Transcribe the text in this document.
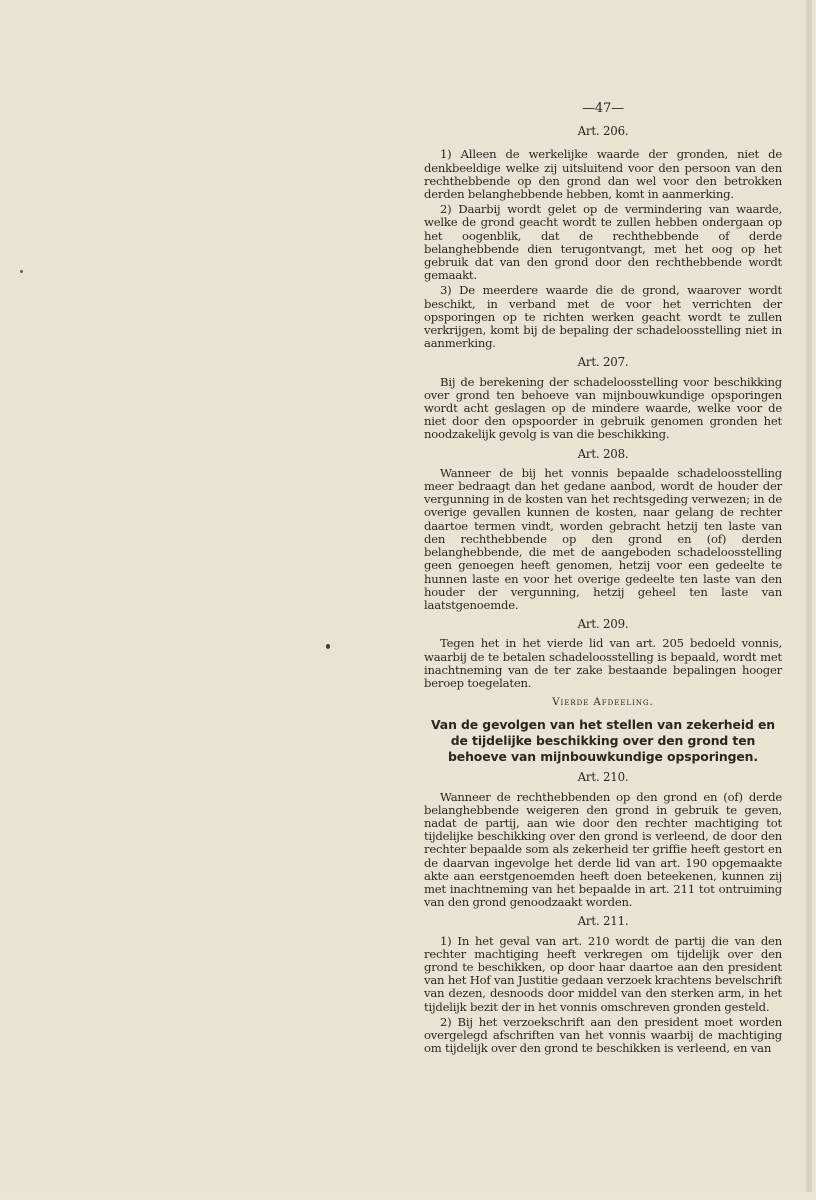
—47—
Art. 206.

1) Alleen de werkelijke waarde der gronden, niet de denkbeeldige welke zij uitsluitend voor den persoon van den rechthebbende op den grond dan wel voor den betrokken derden belanghebbende hebben, komt in aanmerking.

2) Daarbij wordt gelet op de vermindering van waarde, welke de grond geacht wordt te zullen hebben ondergaan op het oogenblik, dat de rechthebbende of derde belanghebbende dien terugontvangt, met het oog op het gebruik dat van den grond door den rechthebbende wordt gemaakt.

3) De meerdere waarde die de grond, waarover wordt beschikt, in verband met de voor het verrichten der opsporingen op te richten werken geacht wordt te zullen verkrijgen, komt bij de bepaling der schadeloosstelling niet in aanmerking.

Art. 207.

Bij de berekening der schadeloosstelling voor beschikking over grond ten behoeve van mijnbouwkundige opsporingen wordt acht geslagen op de mindere waarde, welke voor de niet door den opspoorder in gebruik genomen gronden het noodzakelijk gevolg is van die beschikking.

Art. 208.

Wanneer de bij het vonnis bepaalde schadeloosstelling meer bedraagt dan het gedane aanbod, wordt de houder der vergunning in de kosten van het rechtsgeding verwezen; in de overige gevallen kunnen de kosten, naar gelang de rechter daartoe termen vindt, worden gebracht hetzij ten laste van den rechthebbende op den grond en (of) derden belanghebbende, die met de aangeboden schadeloosstelling geen genoegen heeft genomen, hetzij voor een gedeelte te hunnen laste en voor het overige gedeelte ten laste van den houder der vergunning, hetzij geheel ten laste van laatstgenoemde.

Art. 209.

Tegen het in het vierde lid van art. 205 bedoeld vonnis, waarbij de te betalen schadeloosstelling is bepaald, wordt met inachtneming van de ter zake bestaande bepalingen hooger beroep toegelaten.

Vierde Afdeeling.
Van de gevolgen van het stellen van zekerheid en de tijdelijke beschikking over den grond ten behoeve van mijnbouwkundige opsporingen.
Art. 210.

Wanneer de rechthebbenden op den grond en (of) derde belanghebbende weigeren den grond in gebruik te geven, nadat de partij, aan wie door den rechter machtiging tot tijdelijke beschikking over den grond is verleend, de door den rechter bepaalde som als zekerheid ter griffie heeft gestort en de daarvan ingevolge het derde lid van art. 190 opgemaakte akte aan eerstgenoemden heeft doen beteekenen, kunnen zij met inachtneming van het bepaalde in art. 211 tot ontruiming van den grond genoodzaakt worden.

Art. 211.

1) In het geval van art. 210 wordt de partij die van den rechter machtiging heeft verkregen om tijdelijk over den grond te beschikken, op door haar daartoe aan den president van het Hof van Justitie gedaan verzoek krachtens bevelschrift van dezen, desnoods door middel van den sterken arm, in het tijdelijk bezit der in het vonnis omschreven gronden gesteld.

2) Bij het verzoekschrift aan den president moet worden overgelegd afschriften van het vonnis waarbij de machtiging om tijdelijk over den grond te beschikken is verleend, en van
